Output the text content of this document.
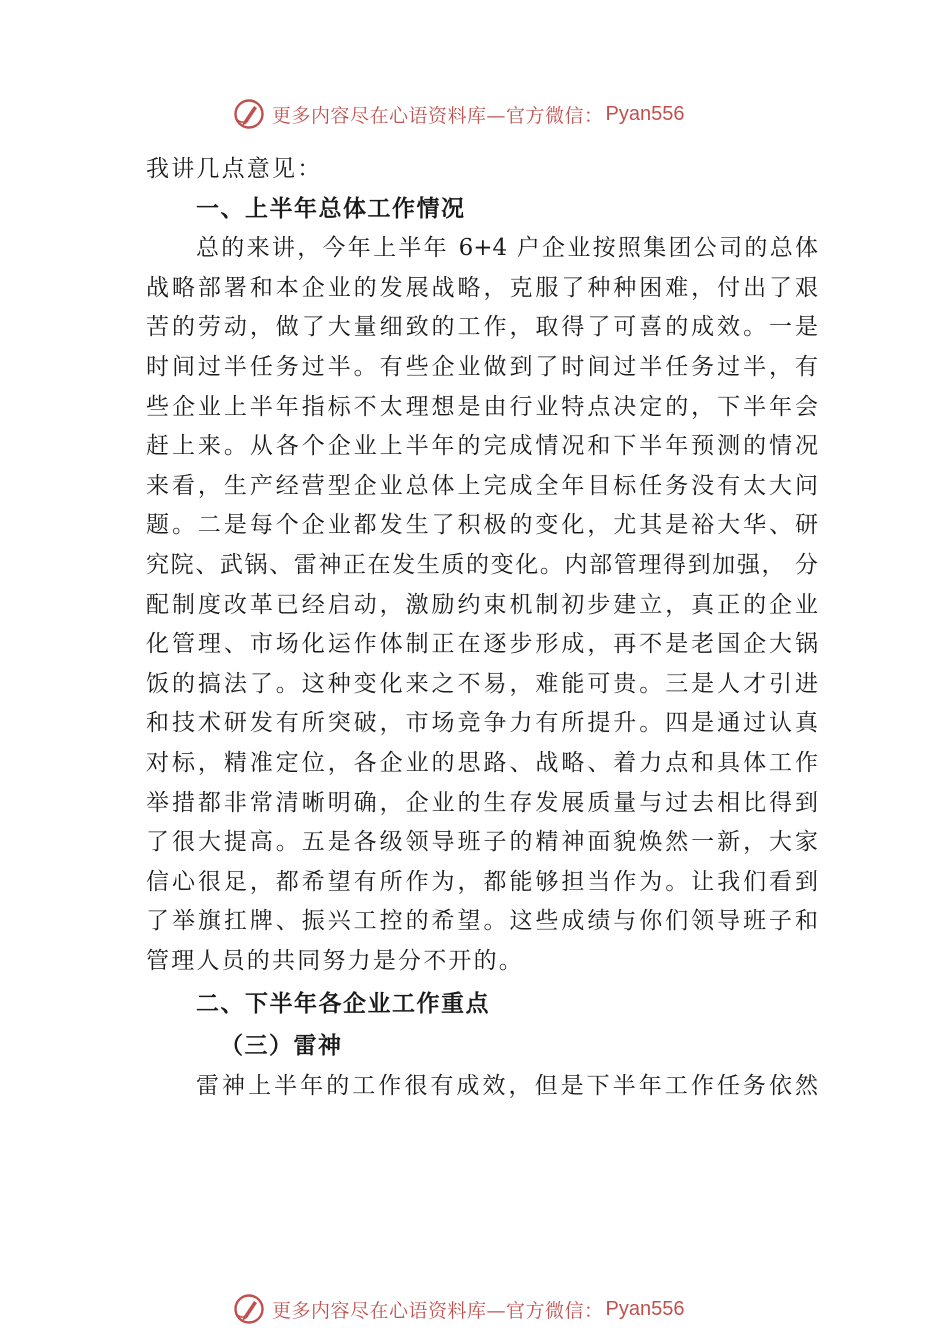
更多内容尽在心语资料库—官方微信： Pyan556
我讲几点意见：
一、上半年总体工作情况
总的来讲，今年上半年 6+4 户企业按照集团公司的总体
战略部署和本企业的发展战略，克服了种种困难，付出了艰
苦的劳动，做了大量细致的工作，取得了可喜的成效。一是
时间过半任务过半。有些企业做到了时间过半任务过半，有
些企业上半年指标不太理想是由行业特点决定的，下半年会
赶上来。从各个企业上半年的完成情况和下半年预测的情况
来看，生产经营型企业总体上完成全年目标任务没有太大问
题。二是每个企业都发生了积极的变化，尤其是裕大华、研
究院、武锅、雷神正在发生质的变化。内部管理得到加强， 分
配制度改革已经启动，激励约束机制初步建立，真正的企业
化管理、市场化运作体制正在逐步形成，再不是老国企大锅
饭的搞法了。这种变化来之不易，难能可贵。三是人才引进
和技术研发有所突破，市场竞争力有所提升。四是通过认真
对标，精准定位，各企业的思路、战略、着力点和具体工作
举措都非常清晰明确，企业的生存发展质量与过去相比得到
了很大提高。五是各级领导班子的精神面貌焕然一新，大家
信心很足，都希望有所作为，都能够担当作为。让我们看到
了举旗扛牌、振兴工控的希望。这些成绩与你们领导班子和
管理人员的共同努力是分不开的。
二、下半年各企业工作重点
（三）雷神
雷神上半年的工作很有成效，但是下半年工作任务依然
更多内容尽在心语资料库—官方微信： Pyan556
